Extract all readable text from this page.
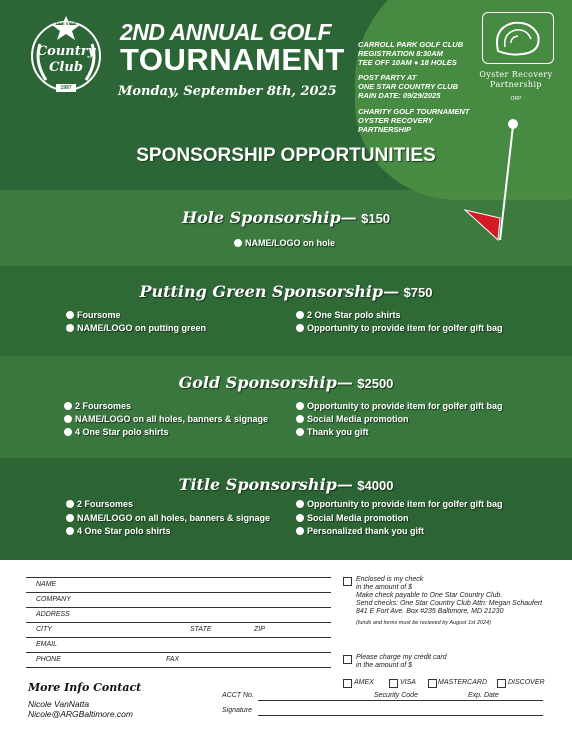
ONE STAR
Country
Club
1997
2ND ANNUAL GOLF
TOURNAMENT
Monday, September 8th, 2025
CARROLL PARK GOLF CLUB
REGISTRATION 8:30AM
TEE OFF 10AM ● 18 HOLES
POST PARTY AT
ONE STAR COUNTRY CLUB
RAIN DATE: 09/29/2025
CHARITY GOLF TOURNAMENT
OYSTER RECOVERY
PARTNERSHIP
Oyster Recovery
Partnership
ORP
SPONSORSHIP OPPORTUNITIES
Hole Sponsorship— $150
NAME/LOGO on hole
Putting Green Sponsorship— $750
Foursome
NAME/LOGO on putting green
2 One Star polo shirts
Opportunity to provide item for golfer gift bag
Gold Sponsorship— $2500
2 Foursomes
NAME/LOGO on all holes, banners & signage
4 One Star polo shirts
Opportunity to provide item for golfer gift bag
Social Media promotion
Thank you gift
Title Sponsorship— $4000
2 Foursomes
NAME/LOGO on all holes, banners & signage
4 One Star polo shirts
Opportunity to provide item for golfer gift bag
Social Media promotion
Personalized thank you gift
NAME
COMPANY
ADDRESS
CITY	STATE	ZIP
EMAIL
PHONE	FAX
Enclosed is my check
in the amount of $
Make check payable to One Star Country Club.
Send checks: One Star Country Club Attn: Megan Schaufert 841 E Fort Ave. Box #235 Baltimore, MD 21230
(funds and forms must be recieved by August 1st 2024)
Please charge my credit card
in the amount of $
AMEX	VISA	MASTERCARD	DISCOVER
ACCT No.	Security Code	Exp. Date
Signature
More Info Contact
Nicole VanNatta
Nicole@ARGBaltimore.com
